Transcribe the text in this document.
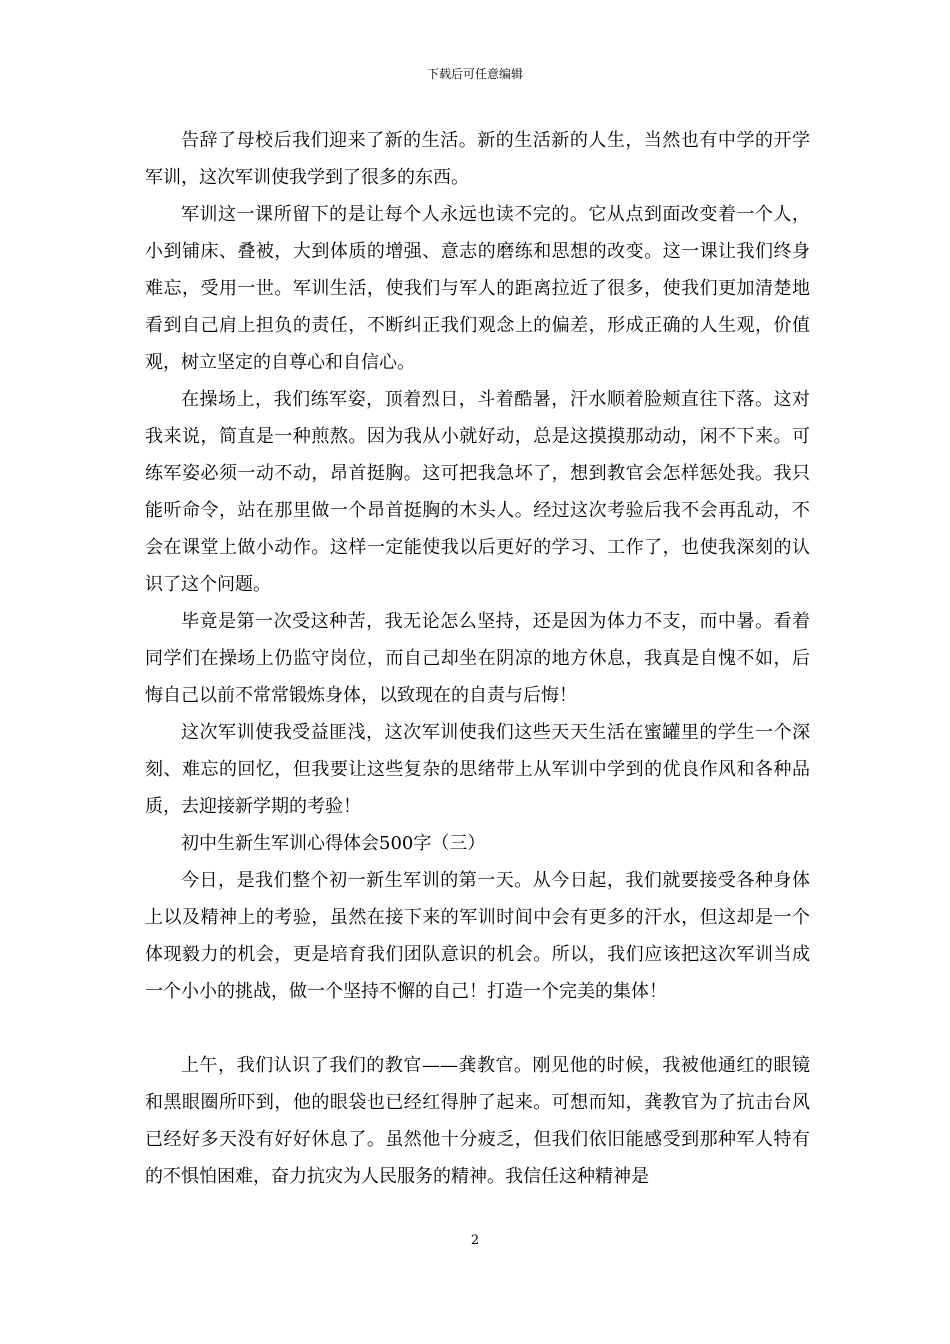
下载后可任意编辑

告辞了母校后我们迎来了新的生活。新的生活新的人生，当然也有中学的开学军训，这次军训使我学到了很多的东西。

军训这一课所留下的是让每个人永远也读不完的。它从点到面改变着一个人，小到铺床、叠被，大到体质的增强、意志的磨练和思想的改变。这一课让我们终身难忘，受用一世。军训生活，使我们与军人的距离拉近了很多，使我们更加清楚地看到自己肩上担负的责任，不断纠正我们观念上的偏差，形成正确的人生观，价值观，树立坚定的自尊心和自信心。

在操场上，我们练军姿，顶着烈日，斗着酷暑，汗水顺着脸颊直往下落。这对我来说，简直是一种煎熬。因为我从小就好动，总是这摸摸那动动，闲不下来。可练军姿必须一动不动，昂首挺胸。这可把我急坏了，想到教官会怎样惩处我。我只能听命令，站在那里做一个昂首挺胸的木头人。经过这次考验后我不会再乱动，不会在课堂上做小动作。这样一定能使我以后更好的学习、工作了，也使我深刻的认识了这个问题。

毕竟是第一次受这种苦，我无论怎么坚持，还是因为体力不支，而中暑。看着同学们在操场上仍监守岗位，而自己却坐在阴凉的地方休息，我真是自愧不如，后悔自己以前不常常锻炼身体，以致现在的自责与后悔！

这次军训使我受益匪浅，这次军训使我们这些天天生活在蜜罐里的学生一个深刻、难忘的回忆，但我要让这些复杂的思绪带上从军训中学到的优良作风和各种品质，去迎接新学期的考验！

初中生新生军训心得体会500字（三）

今日，是我们整个初一新生军训的第一天。从今日起，我们就要接受各种身体上以及精神上的考验，虽然在接下来的军训时间中会有更多的汗水，但这却是一个体现毅力的机会，更是培育我们团队意识的机会。所以，我们应该把这次军训当成一个小小的挑战，做一个坚持不懈的自己！打造一个完美的集体！

上午，我们认识了我们的教官——龚教官。刚见他的时候，我被他通红的眼镜和黑眼圈所吓到，他的眼袋也已经红得肿了起来。可想而知，龚教官为了抗击台风已经好多天没有好好休息了。虽然他十分疲乏，但我们依旧能感受到那种军人特有的不惧怕困难，奋力抗灾为人民服务的精神。我信任这种精神是

2
